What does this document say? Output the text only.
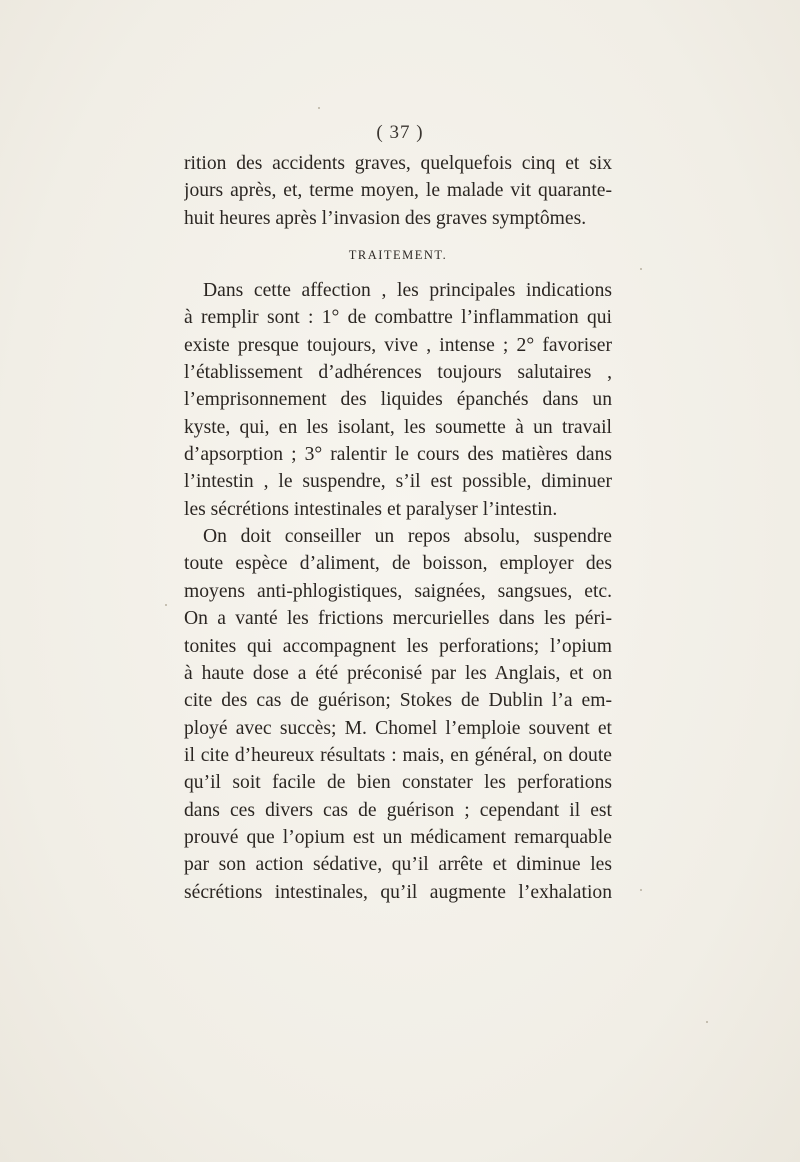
( 37 )
rition des accidents graves, quelquefois cinq et six
jours après, et, terme moyen, le malade vit quarante-
huit heures après l’invasion des graves symptômes.
TRAITEMENT.
Dans cette affection , les principales indications
à remplir sont : 1° de combattre l’inflammation qui
existe presque toujours, vive , intense ; 2° favoriser
l’établissement d’adhérences toujours salutaires ,
l’emprisonnement des liquides épanchés dans un
kyste, qui, en les isolant, les soumette à un travail
d’apsorption ; 3° ralentir le cours des matières dans
l’intestin , le suspendre, s’il est possible, diminuer
les sécrétions intestinales et paralyser l’intestin.
On doit conseiller un repos absolu, suspendre
toute espèce d’aliment, de boisson, employer des
moyens anti-phlogistiques, saignées, sangsues, etc.
On a vanté les frictions mercurielles dans les péri-
tonites qui accompagnent les perforations; l’opium
à haute dose a été préconisé par les Anglais, et on
cite des cas de guérison; Stokes de Dublin l’a em-
ployé avec succès; M. Chomel l’emploie souvent et
il cite d’heureux résultats : mais, en général, on doute
qu’il soit facile de bien constater les perforations
dans ces divers cas de guérison ; cependant il est
prouvé que l’opium est un médicament remarquable
par son action sédative, qu’il arrête et diminue les
sécrétions intestinales, qu’il augmente l’exhalation
